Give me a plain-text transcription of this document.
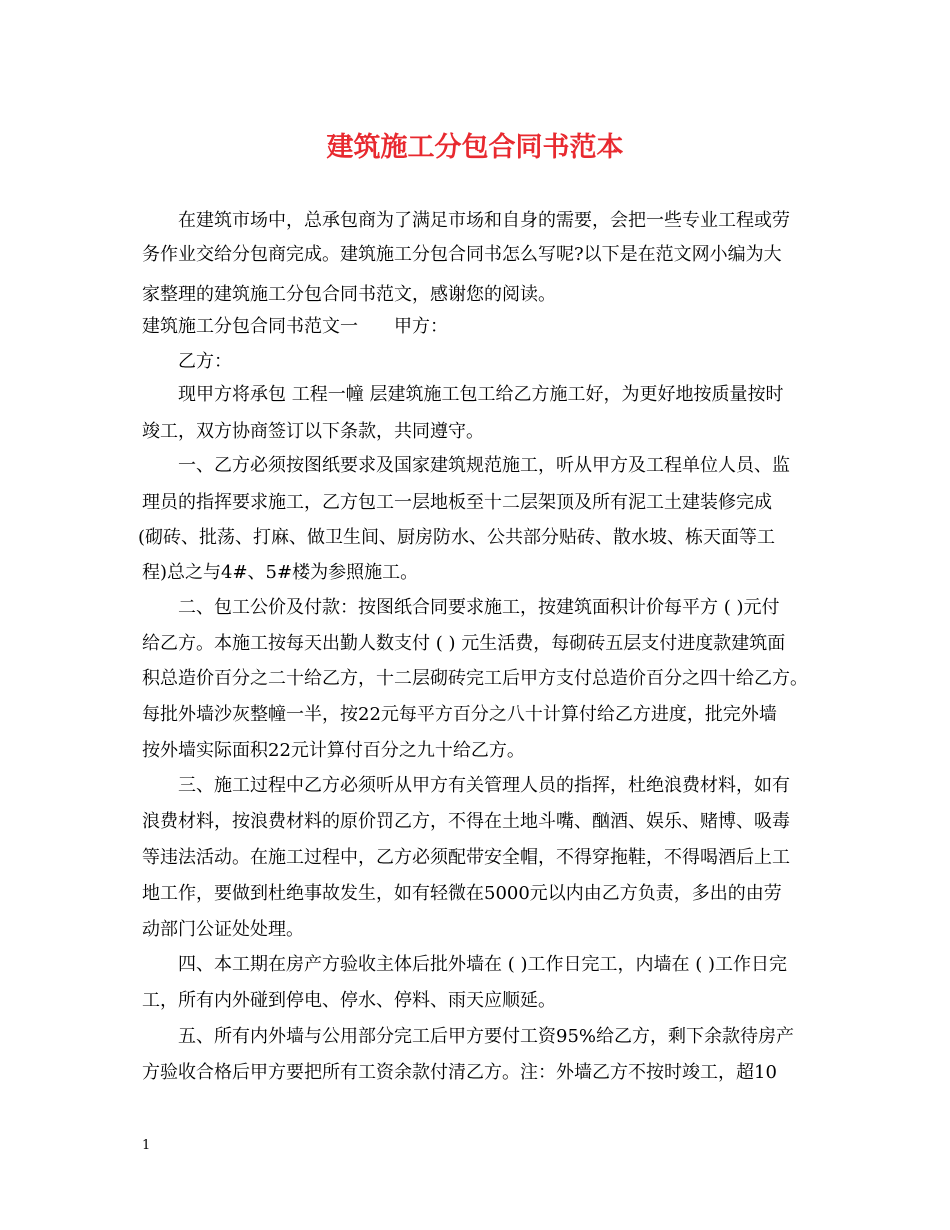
建筑施工分包合同书范本

在建筑市场中，总承包商为了满足市场和自身的需要，会把一些专业工程或劳

务作业交给分包商完成。建筑施工分包合同书怎么写呢?以下是在范文网小编为大

家整理的建筑施工分包合同书范文，感谢您的阅读。

建筑施工分包合同书范文一　　甲方：

乙方：

现甲方将承包 工程一幢 层建筑施工包工给乙方施工好，为更好地按质量按时

竣工，双方协商签订以下条款，共同遵守。

一、乙方必须按图纸要求及国家建筑规范施工，听从甲方及工程单位人员、监

理员的指挥要求施工，乙方包工一层地板至十二层架顶及所有泥工土建装修完成

(砌砖、批荡、打麻、做卫生间、厨房防水、公共部分贴砖、散水坡、栋天面等工

程)总之与4#、5#楼为参照施工。

二、包工公价及付款：按图纸合同要求施工，按建筑面积计价每平方 ( )元付

给乙方。本施工按每天出勤人数支付 ( ) 元生活费，每砌砖五层支付进度款建筑面

积总造价百分之二十给乙方，十二层砌砖完工后甲方支付总造价百分之四十给乙方。

每批外墙沙灰整幢一半，按22元每平方百分之八十计算付给乙方进度，批完外墙

按外墙实际面积22元计算付百分之九十给乙方。

三、施工过程中乙方必须听从甲方有关管理人员的指挥，杜绝浪费材料，如有

浪费材料，按浪费材料的原价罚乙方，不得在土地斗嘴、酗酒、娱乐、赌博、吸毒

等违法活动。在施工过程中，乙方必须配带安全帽，不得穿拖鞋，不得喝酒后上工

地工作，要做到杜绝事故发生，如有轻微在5000元以内由乙方负责，多出的由劳

动部门公证处处理。

四、本工期在房产方验收主体后批外墙在 ( )工作日完工，内墙在 ( )工作日完

工，所有内外碰到停电、停水、停料、雨天应顺延。

五、所有内外墙与公用部分完工后甲方要付工资95%给乙方，剩下余款待房产

方验收合格后甲方要把所有工资余款付清乙方。注：外墙乙方不按时竣工，超10

1
